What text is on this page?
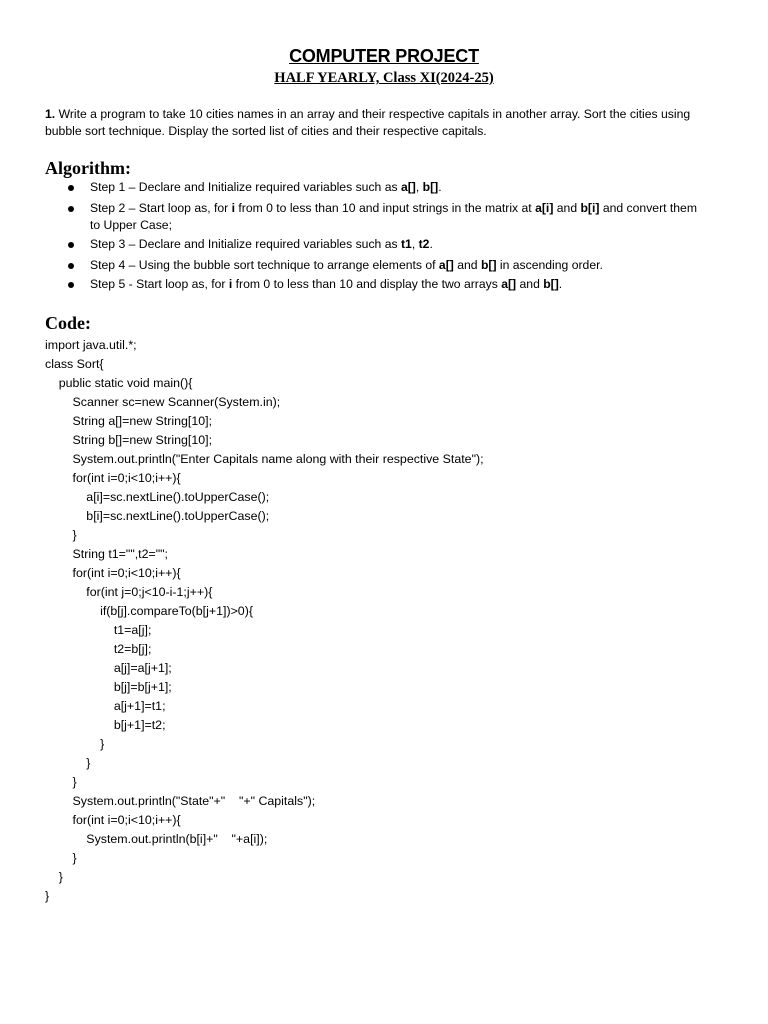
COMPUTER PROJECT
HALF YEARLY, Class XI(2024-25)
1. Write a program to take 10 cities names in an array and their respective capitals in another array. Sort the cities using bubble sort technique. Display the sorted list of cities and their respective capitals.
Algorithm:
Step 1 – Declare and Initialize required variables such as a[], b[].
Step 2 – Start loop as, for i from 0 to less than 10 and input strings in the matrix at a[i] and b[i] and convert them to Upper Case;
Step 3 – Declare and Initialize required variables such as t1, t2.
Step 4 – Using the bubble sort technique to arrange elements of a[] and b[] in ascending order.
Step 5 - Start loop as, for i from 0 to less than 10 and display the two arrays a[] and b[].
Code:
import java.util.*;
class Sort{
public static void main(){
Scanner sc=new Scanner(System.in);
String a[]=new String[10];
String b[]=new String[10];
System.out.println("Enter Capitals name along with their respective State");
for(int i=0;i<10;i++){
a[i]=sc.nextLine().toUpperCase();
b[i]=sc.nextLine().toUpperCase();
}
String t1="",t2="";
for(int i=0;i<10;i++){
for(int j=0;j<10-i-1;j++){
if(b[j].compareTo(b[j+1])>0){
t1=a[j];
t2=b[j];
a[j]=a[j+1];
b[j]=b[j+1];
a[j+1]=t1;
b[j+1]=t2;
}
}
}
System.out.println("State"+"    "+" Capitals");
for(int i=0;i<10;i++){
System.out.println(b[i]+"    "+a[i]);
}
}
}
